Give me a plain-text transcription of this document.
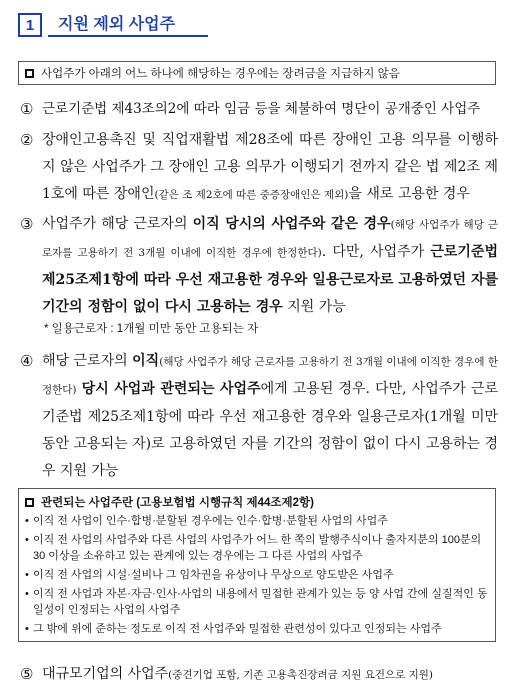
1	지원 제외 사업주
사업주가 아래의 어느 하나에 해당하는 경우에는 장려금을 지급하지 않음
① 근로기준법 제43조의2에 따라 임금 등을 체불하여 명단이 공개중인 사업주
② 장애인고용촉진 및 직업재활법 제28조에 따른 장애인 고용 의무를 이행하지 않은 사업주가 그 장애인 고용 의무가 이행되기 전까지 같은 법 제2조 제1호에 따른 장애인(같은 조 제2호에 따른 중증장애인은 제외)을 새로 고용한 경우
③ 사업주가 해당 근로자의 이직 당시의 사업주와 같은 경우(해당 사업주가 해당 근로자를 고용하기 전 3개월 이내에 이직한 경우에 한정한다). 다만, 사업주가 근로기준법 제25조제1항에 따라 우선 재고용한 경우와 일용근로자로 고용하였던 자를 기간의 정함이 없이 다시 고용하는 경우 지원 가능
* 일용근로자 : 1개월 미만 동안 고용되는 자
④ 해당 근로자의 이직(해당 사업주가 해당 근로자를 고용하기 전 3개월 이내에 이직한 경우에 한정한다) 당시 사업과 관련되는 사업주에게 고용된 경우. 다만, 사업주가 근로기준법 제25조제1항에 따라 우선 재고용한 경우와 일용근로자(1개월 미만 동안 고용되는 자)로 고용하였던 자를 기간의 정함이 없이 다시 고용하는 경우 지원 가능
관련되는 사업주란 (고용보험법 시행규칙 제44조제2항)
• 이직 전 사업이 인수·합병·분할된 경우에는 인수·합병·분할된 사업의 사업주
• 이직 전 사업의 사업주와 다른 사업의 사업주가 어느 한 쪽의 발행주식이나 출자지분의 100분의 30 이상을 소유하고 있는 관계에 있는 경우에는 그 다른 사업의 사업주
• 이직 전 사업의 시설·설비나 그 임차권을 유상이나 무상으로 양도받은 사업주
• 이직 전 사업과 자본·자금·인사·사업의 내용에서 밀접한 관계가 있는 등 양 사업 간에 실질적인 동일성이 인정되는 사업의 사업주
• 그 밖에 위에 준하는 정도로 이직 전 사업주와 밀접한 관련성이 있다고 인정되는 사업주
⑤ 대규모기업의 사업주(중견기업 포함, 기존 고용촉진장려금 지원 요건으로 지원)
